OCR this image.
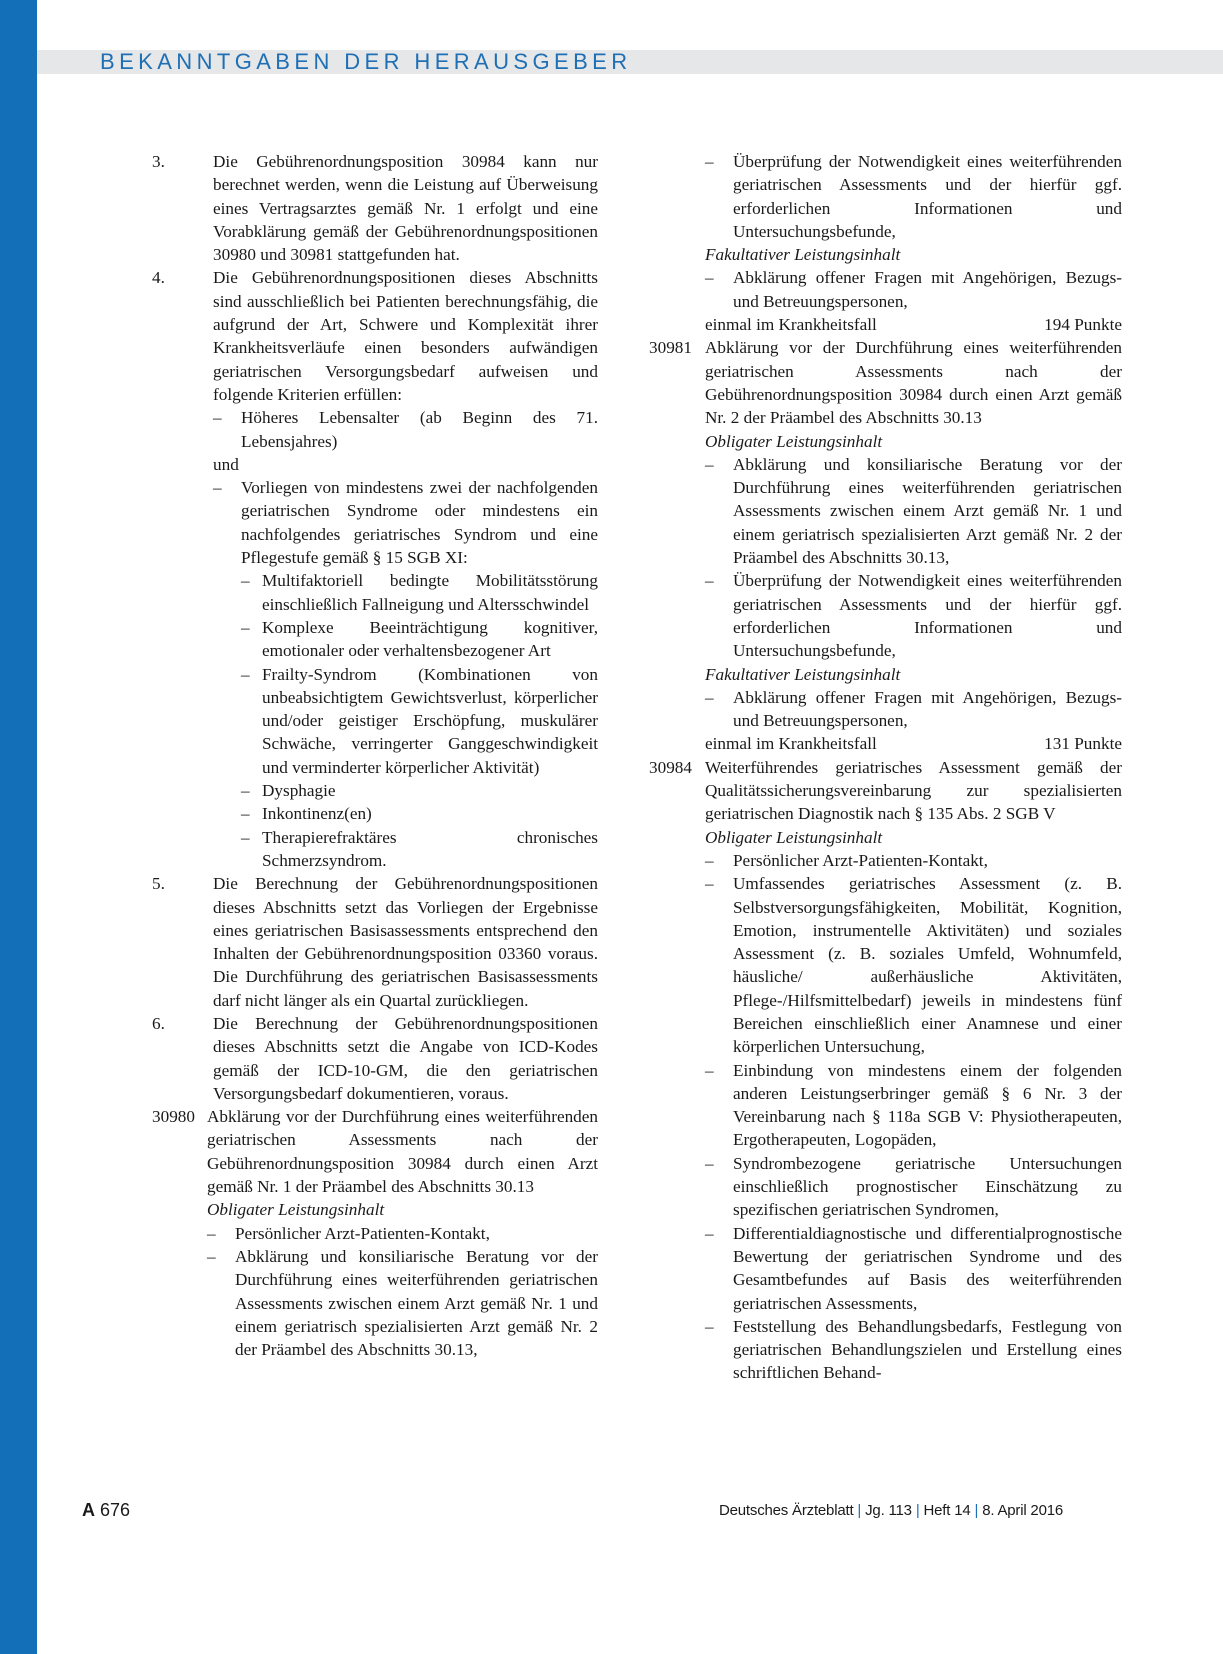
BEKANNTGABEN DER HERAUSGEBER
3.	Die Gebührenordnungsposition 30984 kann nur berechnet werden, wenn die Leistung auf Überweisung eines Vertragsarztes gemäß Nr. 1 erfolgt und eine Vorabklärung gemäß der Gebührenordnungspositionen 30980 und 30981 stattgefunden hat.
4.	Die Gebührenordnungspositionen dieses Abschnitts sind ausschließlich bei Patienten berechnungsfähig, die aufgrund der Art, Schwere und Komplexität ihrer Krankheitsverläufe einen besonders aufwändigen geriatrischen Versorgungsbedarf aufweisen und folgende Kriterien erfüllen:
–	Höheres Lebensalter (ab Beginn des 71. Lebensjahres)
und
–	Vorliegen von mindestens zwei der nachfolgenden geriatrischen Syndrome oder mindestens ein nachfolgendes geriatrisches Syndrom und eine Pflegestufe gemäß § 15 SGB XI:
– Multifaktoriell bedingte Mobilitätsstörung einschließlich Fallneigung und Altersschwindel
– Komplexe Beeinträchtigung kognitiver, emotionaler oder verhaltensbezogener Art
– Frailty-Syndrom (Kombinationen von unbeabsichtigtem Gewichtsverlust, körperlicher und/oder geistiger Erschöpfung, muskulärer Schwäche, verringerter Ganggeschwindigkeit und verminderter körperlicher Aktivität)
– Dysphagie
– Inkontinenz(en)
– Therapierefraktäres chronisches Schmerzsyndrom.
5.	Die Berechnung der Gebührenordnungspositionen dieses Abschnitts setzt das Vorliegen der Ergebnisse eines geriatrischen Basisassessments entsprechend den Inhalten der Gebührenordnungsposition 03360 voraus. Die Durchführung des geriatrischen Basisassessments darf nicht länger als ein Quartal zurückliegen.
6.	Die Berechnung der Gebührenordnungspositionen dieses Abschnitts setzt die Angabe von ICD-Kodes gemäß der ICD-10-GM, die den geriatrischen Versorgungsbedarf dokumentieren, voraus.
30980 Abklärung vor der Durchführung eines weiterführenden geriatrischen Assessments nach der Gebührenordnungsposition 30984 durch einen Arzt gemäß Nr. 1 der Präambel des Abschnitts 30.13
Obligater Leistungsinhalt
–	Persönlicher Arzt-Patienten-Kontakt,
–	Abklärung und konsiliarische Beratung vor der Durchführung eines weiterführenden geriatrischen Assessments zwischen einem Arzt gemäß Nr. 1 und einem geriatrisch spezialisierten Arzt gemäß Nr. 2 der Präambel des Abschnitts 30.13,
–	Überprüfung der Notwendigkeit eines weiterführenden geriatrischen Assessments und der hierfür ggf. erforderlichen Informationen und Untersuchungsbefunde,
Fakultativer Leistungsinhalt
–	Abklärung offener Fragen mit Angehörigen, Bezugs- und Betreuungspersonen,
einmal im Krankheitsfall	194 Punkte
30981 Abklärung vor der Durchführung eines weiterführenden geriatrischen Assessments nach der Gebührenordnungsposition 30984 durch einen Arzt gemäß Nr. 2 der Präambel des Abschnitts 30.13
Obligater Leistungsinhalt
–	Abklärung und konsiliarische Beratung vor der Durchführung eines weiterführenden geriatrischen Assessments zwischen einem Arzt gemäß Nr. 1 und einem geriatrisch spezialisierten Arzt gemäß Nr. 2 der Präambel des Abschnitts 30.13,
–	Überprüfung der Notwendigkeit eines weiterführenden geriatrischen Assessments und der hierfür ggf. erforderlichen Informationen und Untersuchungsbefunde,
Fakultativer Leistungsinhalt
–	Abklärung offener Fragen mit Angehörigen, Bezugs- und Betreuungspersonen,
einmal im Krankheitsfall	131 Punkte
30984 Weiterführendes geriatrisches Assessment gemäß der Qualitätssicherungsvereinbarung zur spezialisierten geriatrischen Diagnostik nach § 135 Abs. 2 SGB V
Obligater Leistungsinhalt
–	Persönlicher Arzt-Patienten-Kontakt,
–	Umfassendes geriatrisches Assessment (z. B. Selbstversorgungsfähigkeiten, Mobilität, Kognition, Emotion, instrumentelle Aktivitäten) und soziales Assessment (z. B. soziales Umfeld, Wohnumfeld, häusliche/ außerhäusliche Aktivitäten, Pflege-/Hilfsmittelbedarf) jeweils in mindestens fünf Bereichen einschließlich einer Anamnese und einer körperlichen Untersuchung,
–	Einbindung von mindestens einem der folgenden anderen Leistungserbringer gemäß § 6 Nr. 3 der Vereinbarung nach § 118a SGB V: Physiotherapeuten, Ergotherapeuten, Logopäden,
–	Syndrombezogene geriatrische Untersuchungen einschließlich prognostischer Einschätzung zu spezifischen geriatrischen Syndromen,
–	Differentialdiagnostische und differentialprognostische Bewertung der geriatrischen Syndrome und des Gesamtbefundes auf Basis des weiterführenden geriatrischen Assessments,
–	Feststellung des Behandlungsbedarfs, Festlegung von geriatrischen Behandlungszielen und Erstellung eines schriftlichen Behand-
A 676	Deutsches Ärzteblatt | Jg. 113 | Heft 14 | 8. April 2016
